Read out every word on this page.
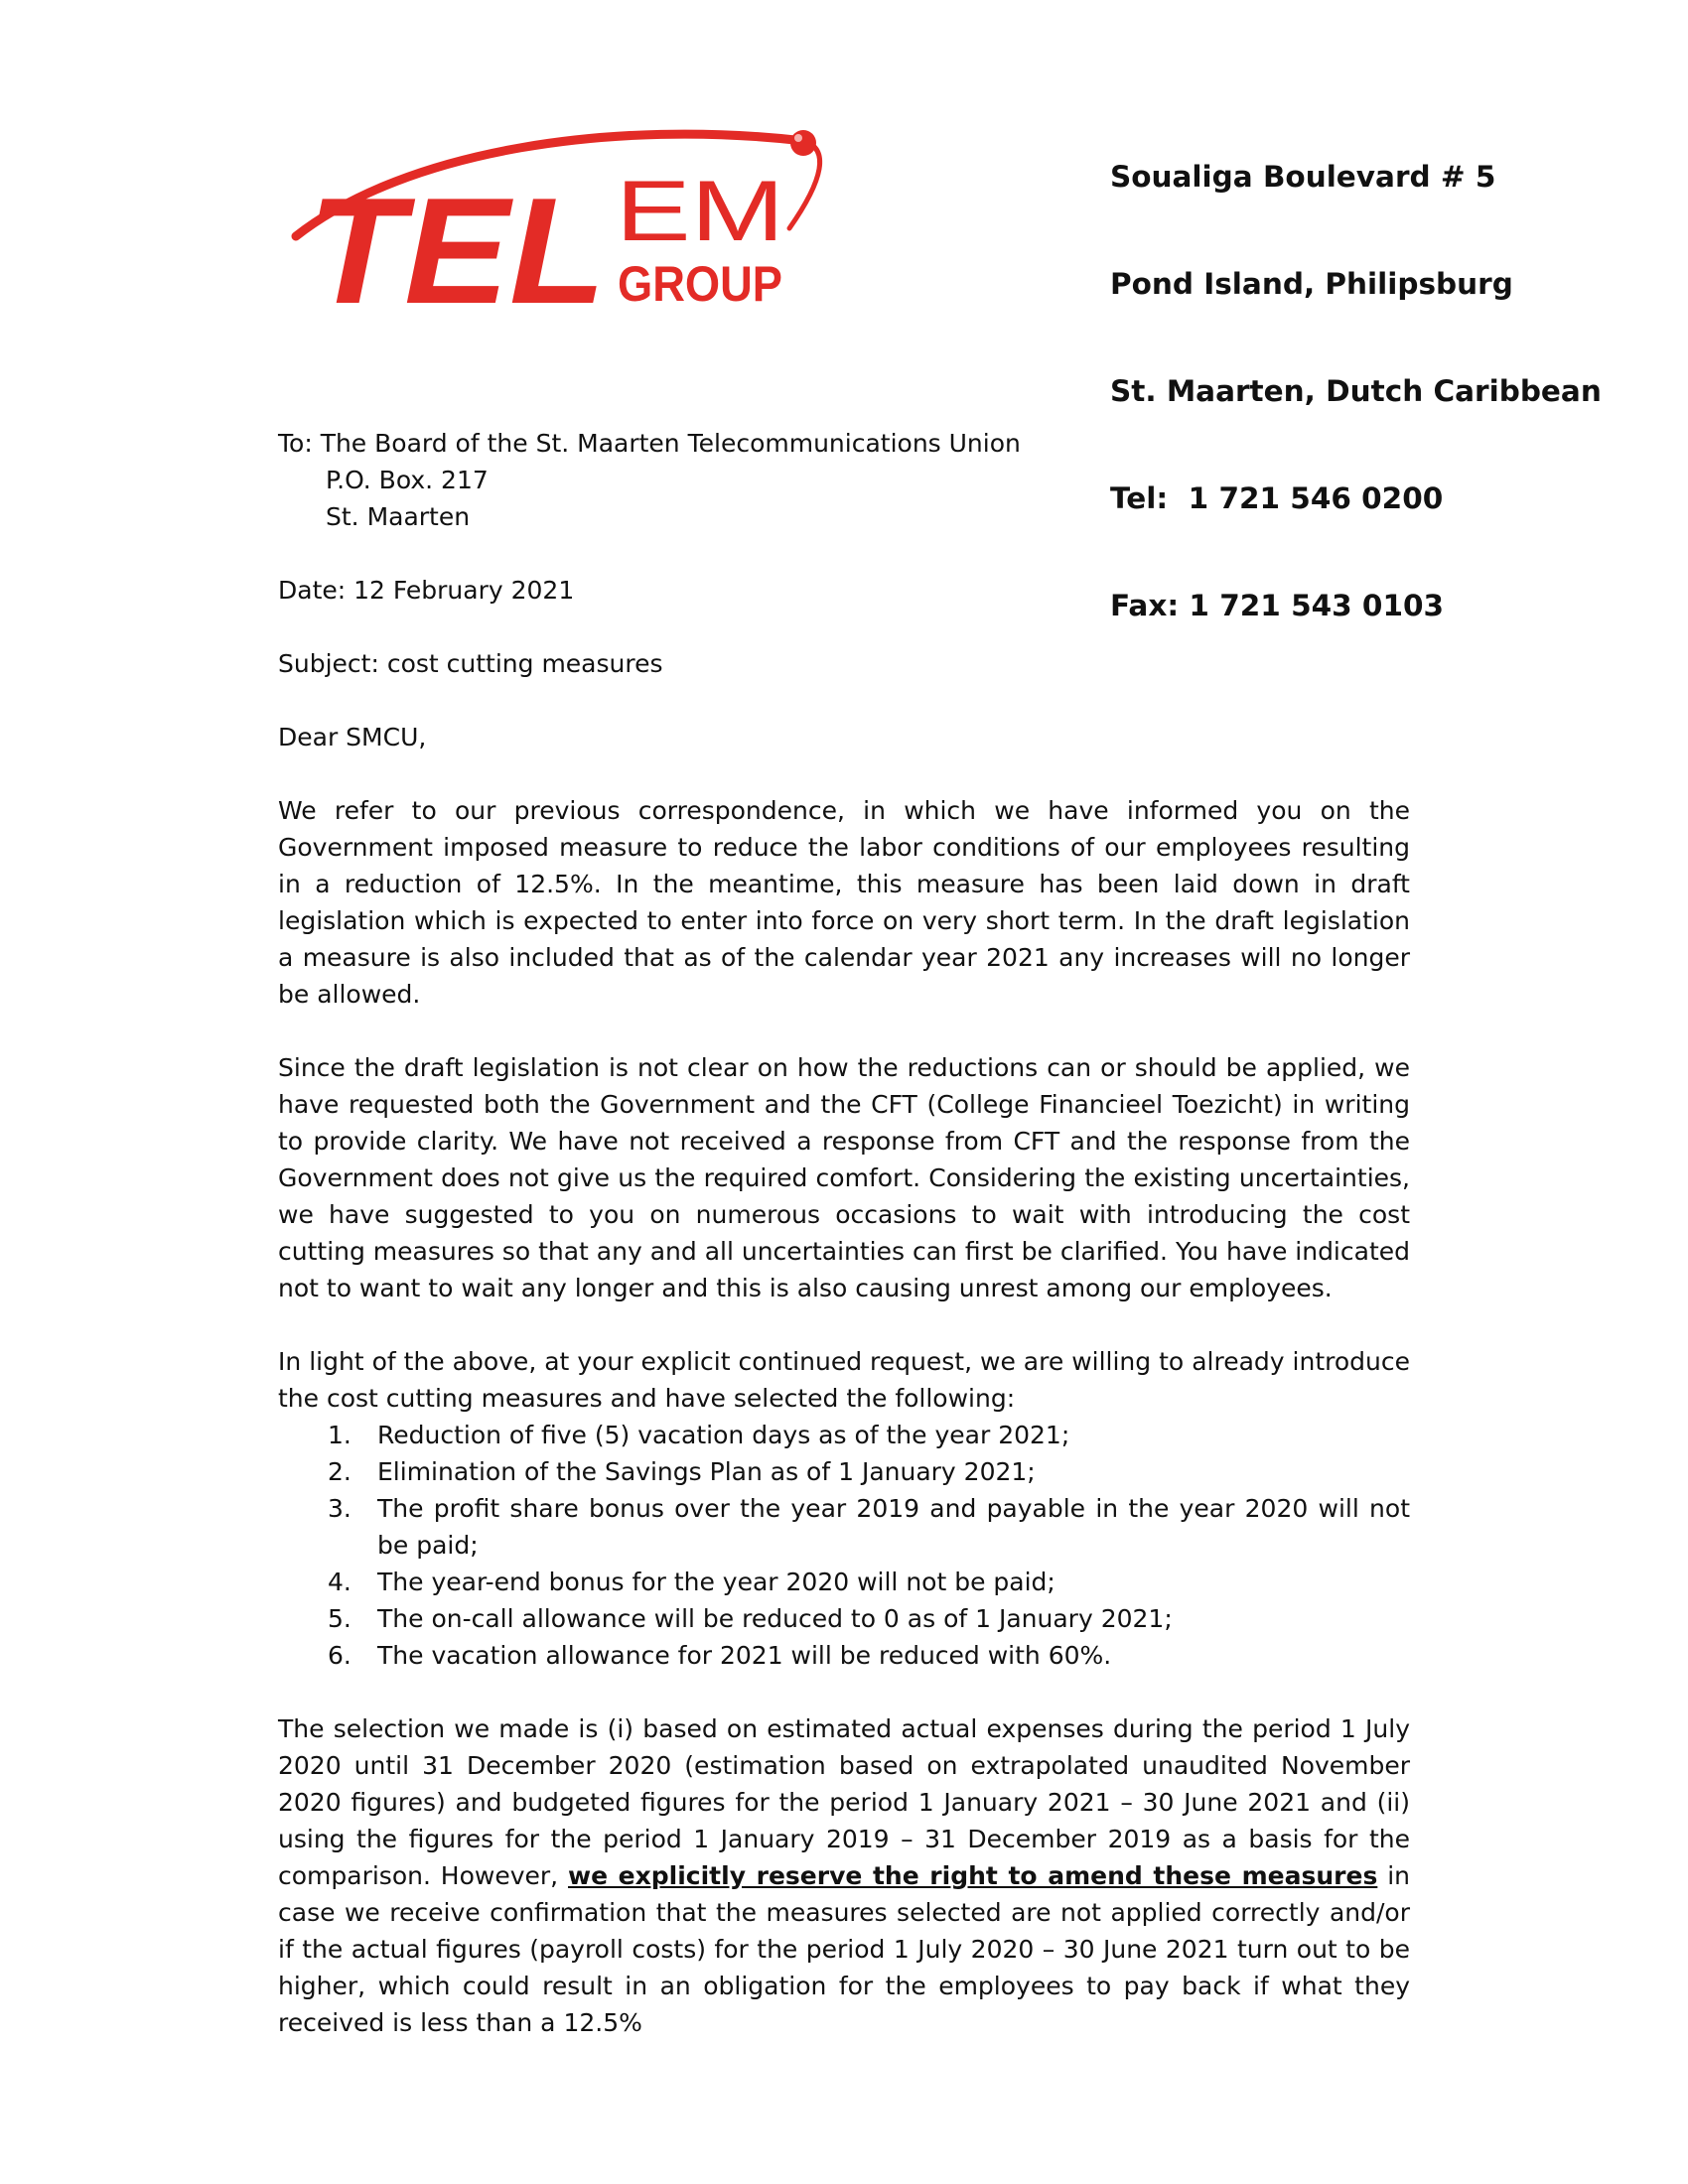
TEL EM
GROUP

Soualiga Boulevard # 5

Pond Island, Philipsburg

St. Maarten, Dutch Caribbean

Tel:  1 721 546 0200

Fax: 1 721 543 0103

To: The Board of the St. Maarten Telecommunications Union

P.O. Box. 217

St. Maarten

Date: 12 February 2021

Subject: cost cutting measures

Dear SMCU,

We refer to our previous correspondence, in which we have informed you on the Government imposed measure to reduce the labor conditions of our employees resulting in a reduction of 12.5%. In the meantime, this measure has been laid down in draft legislation which is expected to enter into force on very short term. In the draft legislation a measure is also included that as of the calendar year 2021 any increases will no longer be allowed.

Since the draft legislation is not clear on how the reductions can or should be applied, we have requested both the Government and the CFT (College Financieel Toezicht) in writing to provide clarity. We have not received a response from CFT and the response from the Government does not give us the required comfort. Considering the existing uncertainties, we have suggested to you on numerous occasions to wait with introducing the cost cutting measures so that any and all uncertainties can first be clarified. You have indicated not to want to wait any longer and this is also causing unrest among our employees.

In light of the above, at your explicit continued request, we are willing to already introduce the cost cutting measures and have selected the following:

1. Reduction of five (5) vacation days as of the year 2021;
2. Elimination of the Savings Plan as of 1 January 2021;
3. The profit share bonus over the year 2019 and payable in the year 2020 will not be paid;
4. The year-end bonus for the year 2020 will not be paid;
5. The on-call allowance will be reduced to 0 as of 1 January 2021;
6. The vacation allowance for 2021 will be reduced with 60%.

The selection we made is (i) based on estimated actual expenses during the period 1 July 2020 until 31 December 2020 (estimation based on extrapolated unaudited November 2020 figures) and budgeted figures for the period 1 January 2021 – 30 June 2021 and (ii) using the figures for the period 1 January 2019 – 31 December 2019 as a basis for the comparison. However, we explicitly reserve the right to amend these measures in case we receive confirmation that the measures selected are not applied correctly and/or if the actual figures (payroll costs) for the period 1 July 2020 – 30 June 2021 turn out to be higher, which could result in an obligation for the employees to pay back if what they received is less than a 12.5%
